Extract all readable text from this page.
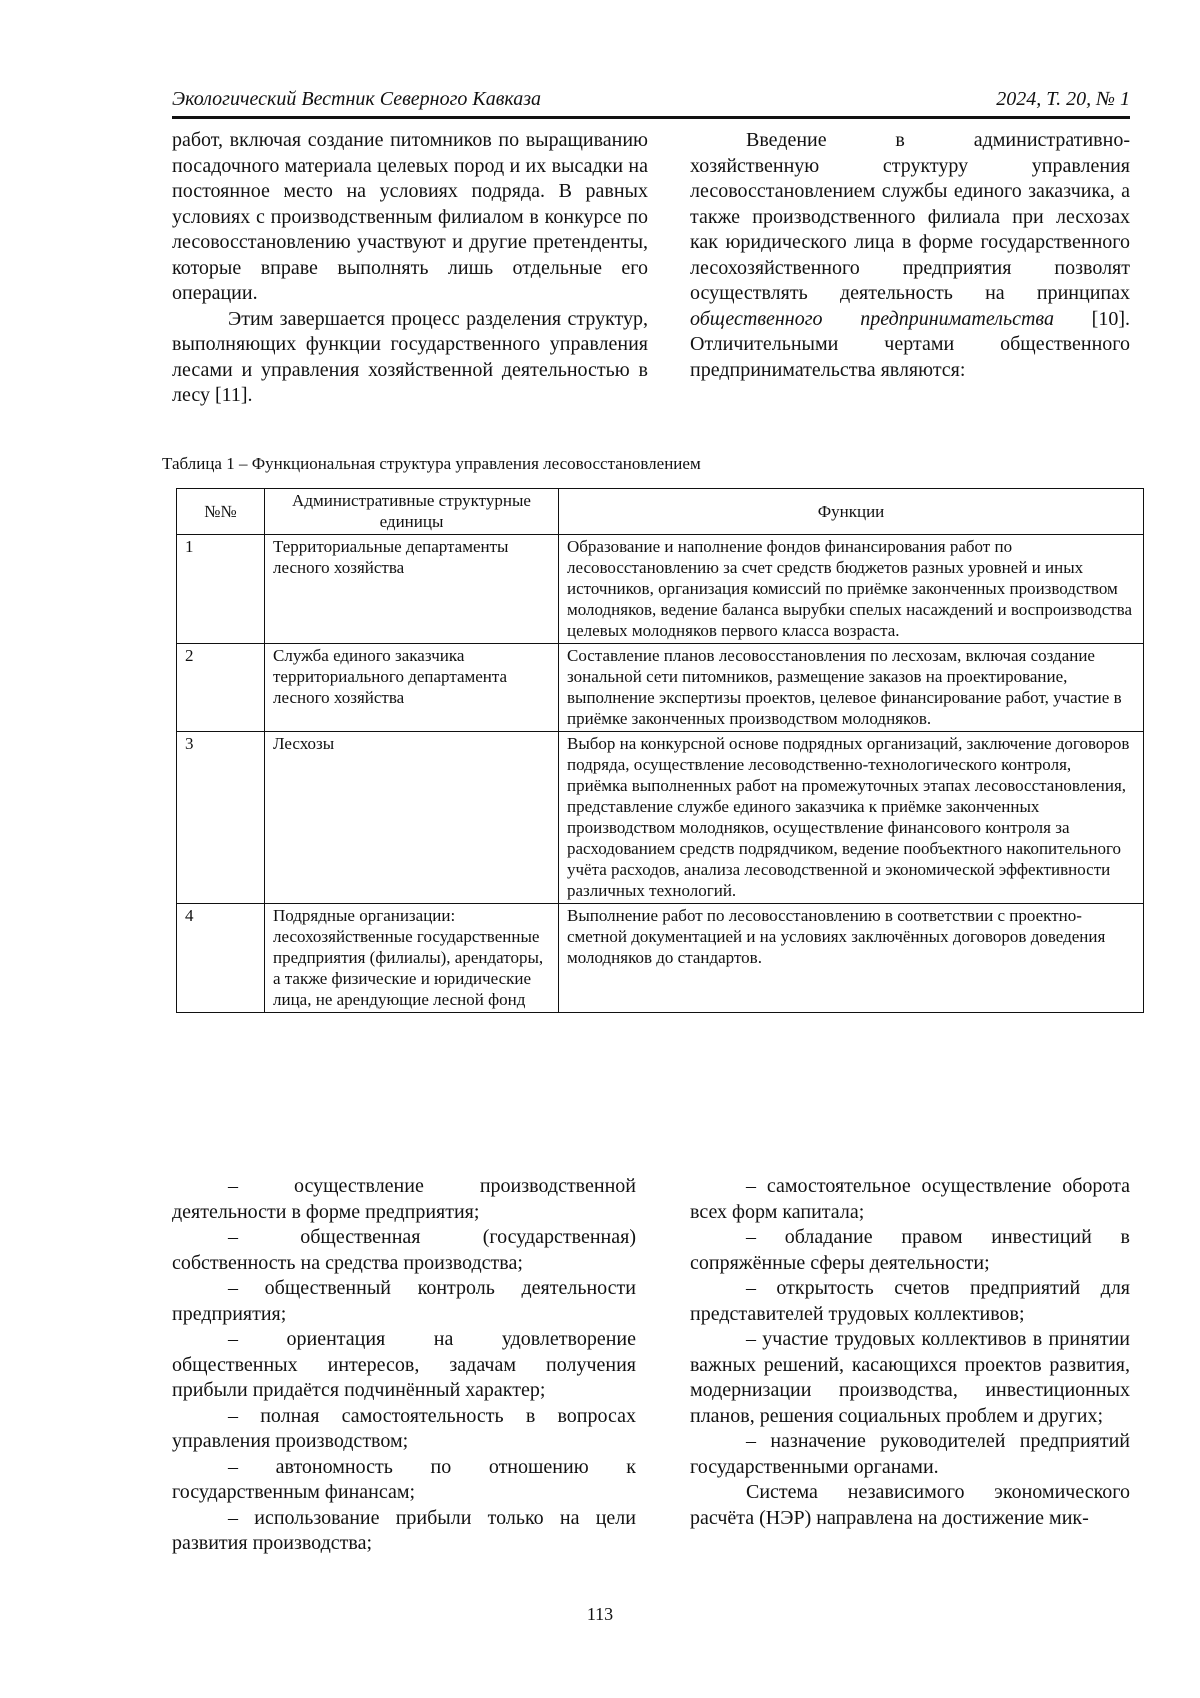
Экологический Вестник Северного Кавказа	2024, Т. 20, № 1

работ, включая создание питомников по выращиванию посадочного материала целевых пород и их высадки на постоянное место на условиях подряда. В равных условиях с производственным филиалом в конкурсе по лесовосстановлению участвуют и другие претенденты, которые вправе выполнять лишь отдельные его операции.

Этим завершается процесс разделения структур, выполняющих функции государственного управления лесами и управления хозяйственной деятельностью в лесу [11].

Введение в административно-хозяйственную структуру управления лесовосстановлением службы единого заказчика, а также производственного филиала при лесхозах как юридического лица в форме государственного лесохозяйственного предприятия позволят осуществлять деятельность на принципах общественного предпринимательства [10]. Отличительными чертами общественного предпринимательства являются:

Таблица 1 – Функциональная структура управления лесовосстановлением
№№	Административные структурные единицы	Функции
1	Территориальные департаменты лесного хозяйства	Образование и наполнение фондов финансирования работ по лесовосстановлению за счет средств бюджетов разных уровней и иных источников, организация комиссий по приёмке законченных производством молодняков, ведение баланса вырубки спелых насаждений и воспроизводства целевых молодняков первого класса возраста.
2	Служба единого заказчика территориального департамента лесного хозяйства	Составление планов лесовосстановления по лесхозам, включая создание зональной сети питомников, размещение заказов на проектирование, выполнение экспертизы проектов, целевое финансирование работ, участие в приёмке законченных производством молодняков.
3	Лесхозы	Выбор на конкурсной основе подрядных организаций, заключение договоров подряда, осуществление лесоводственно-технологического контроля, приёмка выполненных работ на промежуточных этапах лесовосстановления, представление службе единого заказчика к приёмке законченных производством молодняков, осуществление финансового контроля за расходованием средств подрядчиком, ведение пообъектного накопительного учёта расходов, анализа лесоводственной и экономической эффективности различных технологий.
4	Подрядные организации: лесохозяйственные государственные предприятия (филиалы), арендаторы, а также физические и юридические лица, не арендующие лесной фонд	Выполнение работ по лесовосстановлению в соответствии с проектно-сметной документацией и на условиях заключённых договоров доведения молодняков до стандартов.

– осуществление производственной деятельности в форме предприятия;

– общественная (государственная) собственность на средства производства;

– общественный контроль деятельности предприятия;

– ориентация на удовлетворение общественных интересов, задачам получения прибыли придаётся подчинённый характер;

– полная самостоятельность в вопросах управления производством;

– автономность по отношению к государственным финансам;

– использование прибыли только на цели развития производства;

– самостоятельное осуществление оборота всех форм капитала;

– обладание правом инвестиций в сопряжённые сферы деятельности;

– открытость счетов предприятий для представителей трудовых коллективов;

– участие трудовых коллективов в принятии важных решений, касающихся проектов развития, модернизации производства, инвестиционных планов, решения социальных проблем и других;

– назначение руководителей предприятий государственными органами.

Система независимого экономического расчёта (НЭР) направлена на достижение мик-

113
